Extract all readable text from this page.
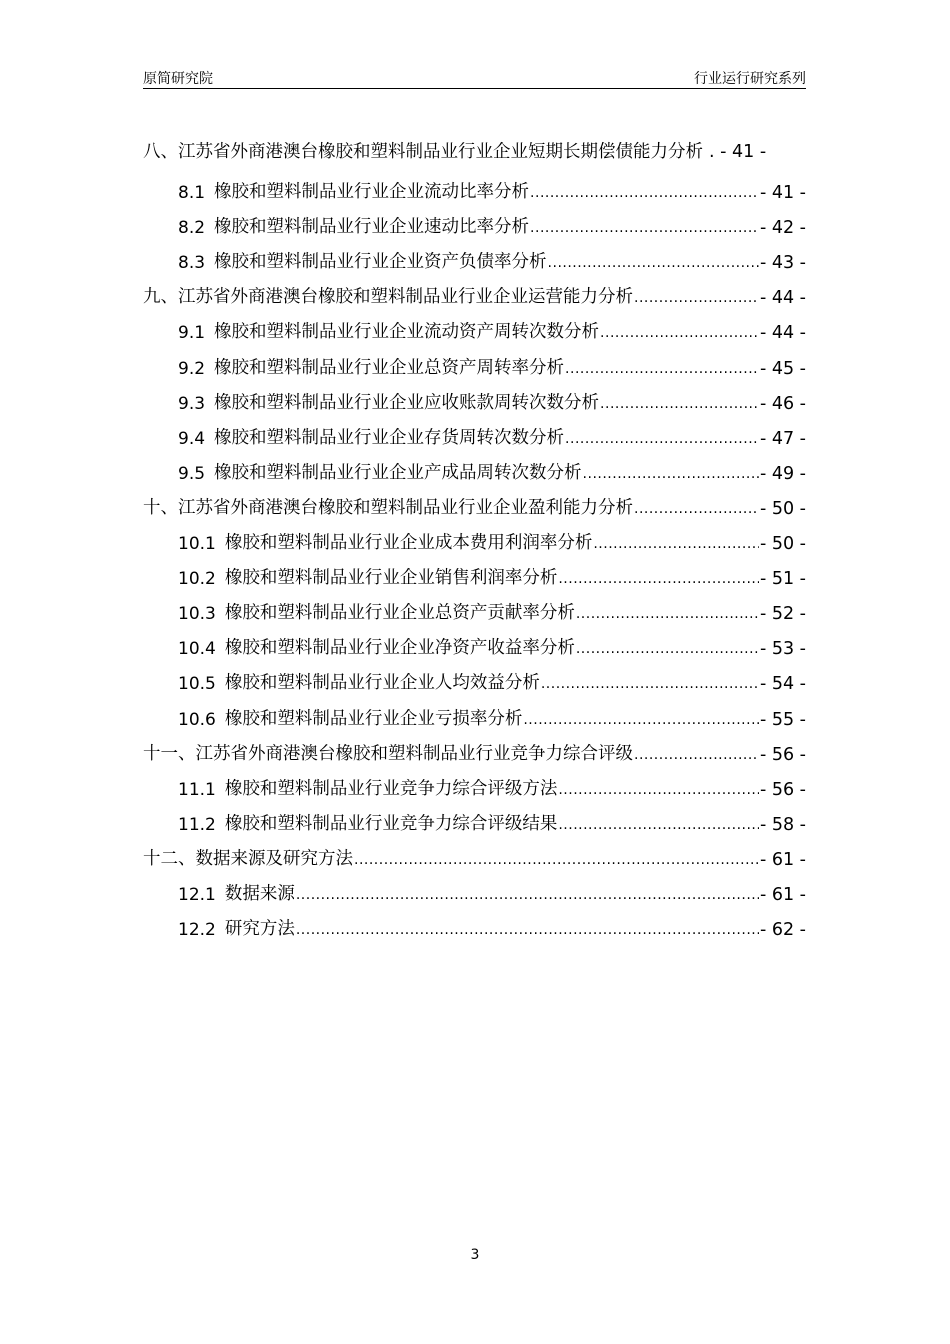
原简研究院	行业运行研究系列
八、江苏省外商港澳台橡胶和塑料制品业行业企业短期长期偿债能力分析 . - 41 -
8.1 橡胶和塑料制品业行业企业流动比率分析 .....	- 41 -
8.2 橡胶和塑料制品业行业企业速动比率分析 .....	- 42 -
8.3 橡胶和塑料制品业行业企业资产负债率分析 .....	- 43 -
九、江苏省外商港澳台橡胶和塑料制品业行业企业运营能力分析 .....	- 44 -
9.1 橡胶和塑料制品业行业企业流动资产周转次数分析 .....	- 44 -
9.2 橡胶和塑料制品业行业企业总资产周转率分析 .....	- 45 -
9.3 橡胶和塑料制品业行业企业应收账款周转次数分析 .....	- 46 -
9.4 橡胶和塑料制品业行业企业存货周转次数分析 .....	- 47 -
9.5 橡胶和塑料制品业行业企业产成品周转次数分析 .....	- 49 -
十、江苏省外商港澳台橡胶和塑料制品业行业企业盈利能力分析 .....	- 50 -
10.1 橡胶和塑料制品业行业企业成本费用利润率分析 .....	- 50 -
10.2 橡胶和塑料制品业行业企业销售利润率分析 .....	- 51 -
10.3 橡胶和塑料制品业行业企业总资产贡献率分析 .....	- 52 -
10.4 橡胶和塑料制品业行业企业净资产收益率分析 .....	- 53 -
10.5 橡胶和塑料制品业行业企业人均效益分析 .....	- 54 -
10.6 橡胶和塑料制品业行业企业亏损率分析 .....	- 55 -
十一、江苏省外商港澳台橡胶和塑料制品业行业竞争力综合评级 .....	- 56 -
11.1 橡胶和塑料制品业行业竞争力综合评级方法 .....	- 56 -
11.2 橡胶和塑料制品业行业竞争力综合评级结果 .....	- 58 -
十二、数据来源及研究方法 .....	- 61 -
12.1 数据来源 .....	- 61 -
12.2 研究方法 .....	- 62 -
3
